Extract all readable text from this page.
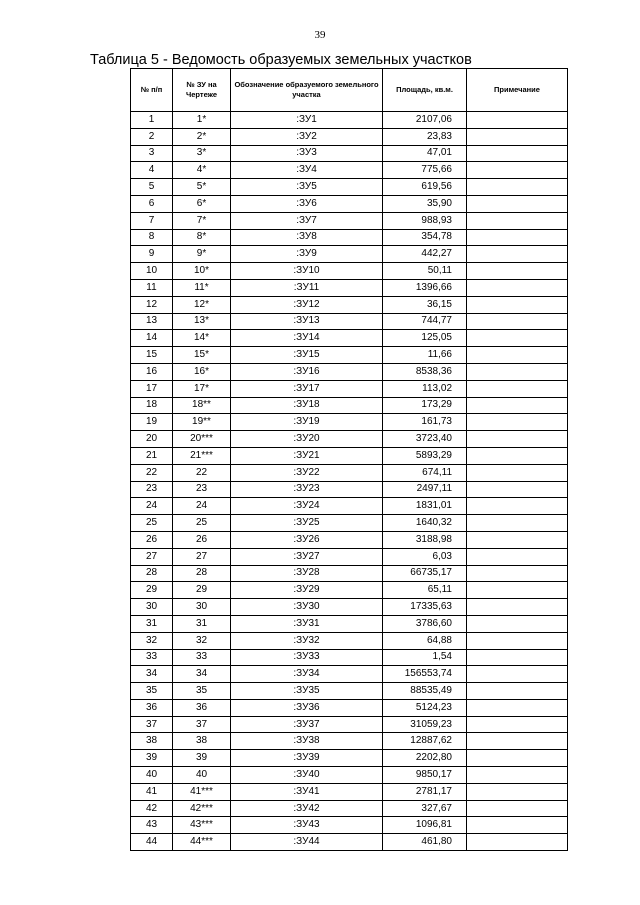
39
Таблица 5 - Ведомость образуемых земельных участков
№ п/п	№ ЗУ на Чертеже	Обозначение образуемого земельного участка	Площадь, кв.м.	Примечание
1	1*	:ЗУ1	2107,06	
2	2*	:ЗУ2	23,83	
3	3*	:ЗУ3	47,01	
4	4*	:ЗУ4	775,66	
5	5*	:ЗУ5	619,56	
6	6*	:ЗУ6	35,90	
7	7*	:ЗУ7	988,93	
8	8*	:ЗУ8	354,78	
9	9*	:ЗУ9	442,27	
10	10*	:ЗУ10	50,11	
11	11*	:ЗУ11	1396,66	
12	12*	:ЗУ12	36,15	
13	13*	:ЗУ13	744,77	
14	14*	:ЗУ14	125,05	
15	15*	:ЗУ15	11,66	
16	16*	:ЗУ16	8538,36	
17	17*	:ЗУ17	113,02	
18	18**	:ЗУ18	173,29	
19	19**	:ЗУ19	161,73	
20	20***	:ЗУ20	3723,40	
21	21***	:ЗУ21	5893,29	
22	22	:ЗУ22	674,11	
23	23	:ЗУ23	2497,11	
24	24	:ЗУ24	1831,01	
25	25	:ЗУ25	1640,32	
26	26	:ЗУ26	3188,98	
27	27	:ЗУ27	6,03	
28	28	:ЗУ28	66735,17	
29	29	:ЗУ29	65,11	
30	30	:ЗУ30	17335,63	
31	31	:ЗУ31	3786,60	
32	32	:ЗУ32	64,88	
33	33	:ЗУ33	1,54	
34	34	:ЗУ34	156553,74	
35	35	:ЗУ35	88535,49	
36	36	:ЗУ36	5124,23	
37	37	:ЗУ37	31059,23	
38	38	:ЗУ38	12887,62	
39	39	:ЗУ39	2202,80	
40	40	:ЗУ40	9850,17	
41	41***	:ЗУ41	2781,17	
42	42***	:ЗУ42	327,67	
43	43***	:ЗУ43	1096,81	
44	44***	:ЗУ44	461,80	
